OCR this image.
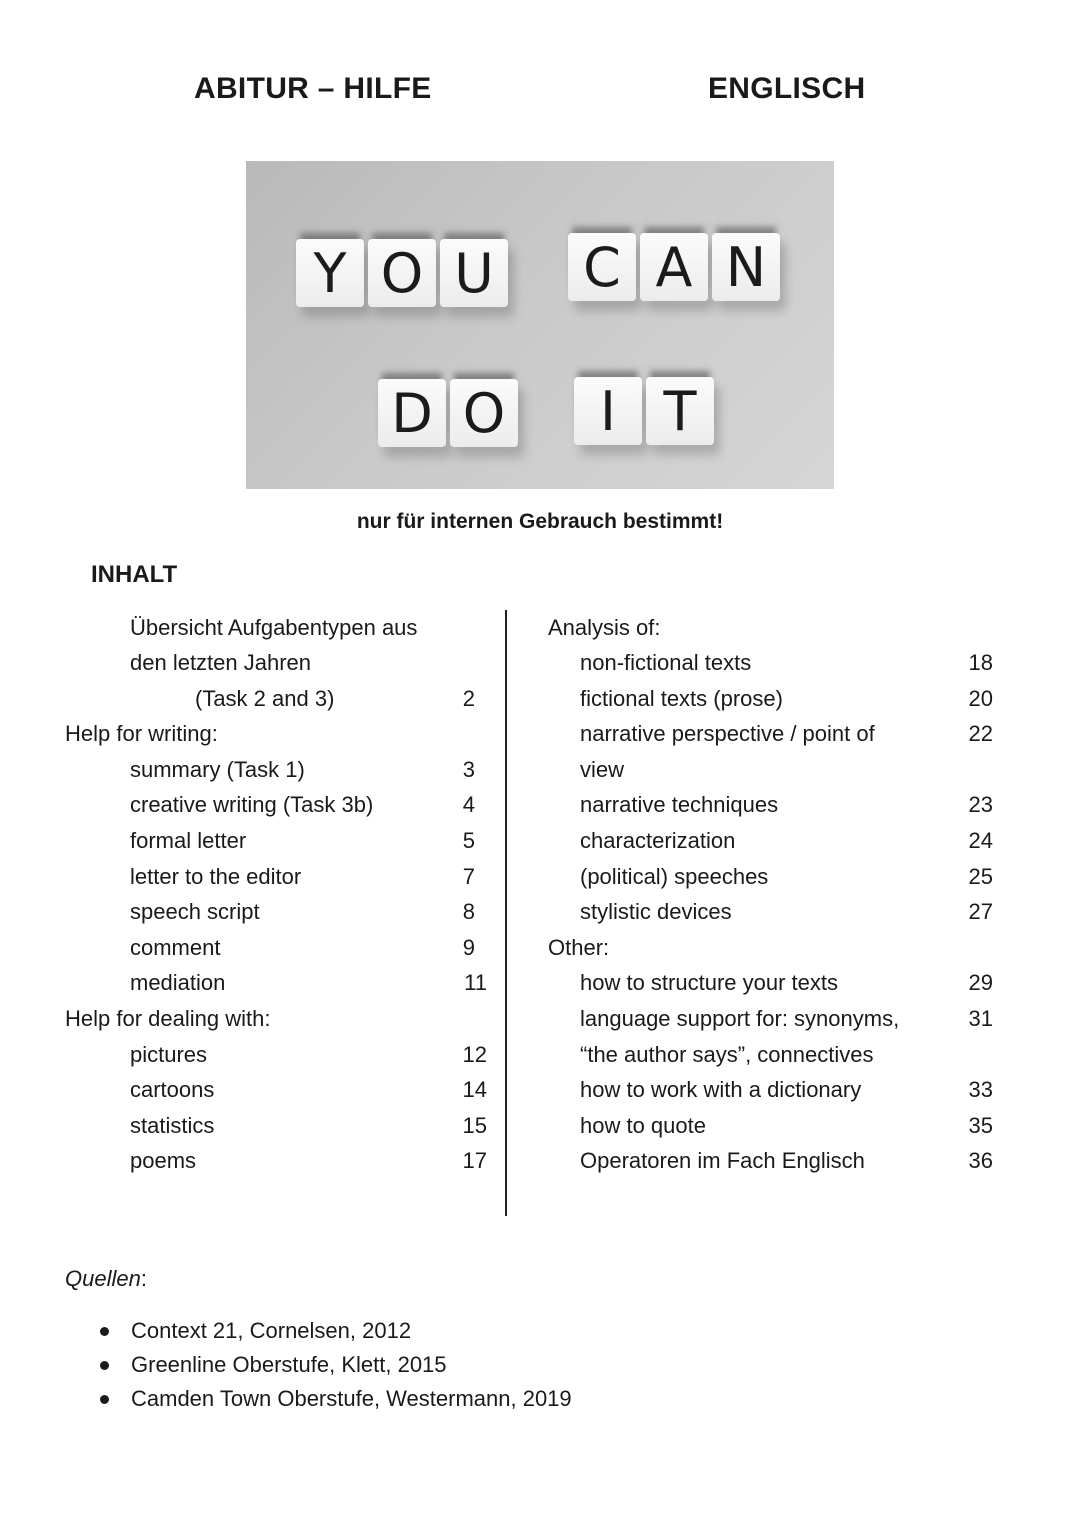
ABITUR – HILFE	ENGLISCH
Y O U C A N
D O	I T
nur für internen Gebrauch bestimmt!
INHALT
Übersicht Aufgabentypen aus
den letzten Jahren
(Task 2 and 3)	2
Help for writing:
summary (Task 1)	3
creative writing (Task 3b)	4
formal letter	5
letter to the editor	7
speech script	8
comment	9
mediation	11
Help for dealing with:
pictures	12
cartoons	14
statistics	15
poems	17
Analysis of:
non-fictional texts	18
fictional texts (prose)	20
narrative perspective / point of	22
view
narrative techniques	23
characterization	24
(political) speeches	25
stylistic devices	27
Other:
how to structure your texts	29
language support for: synonyms,	31
“the author says”, connectives
how to work with a dictionary	33
how to quote	35
Operatoren im Fach Englisch	36
Quellen:
Context 21, Cornelsen, 2012
Greenline Oberstufe, Klett, 2015
Camden Town Oberstufe, Westermann, 2019
